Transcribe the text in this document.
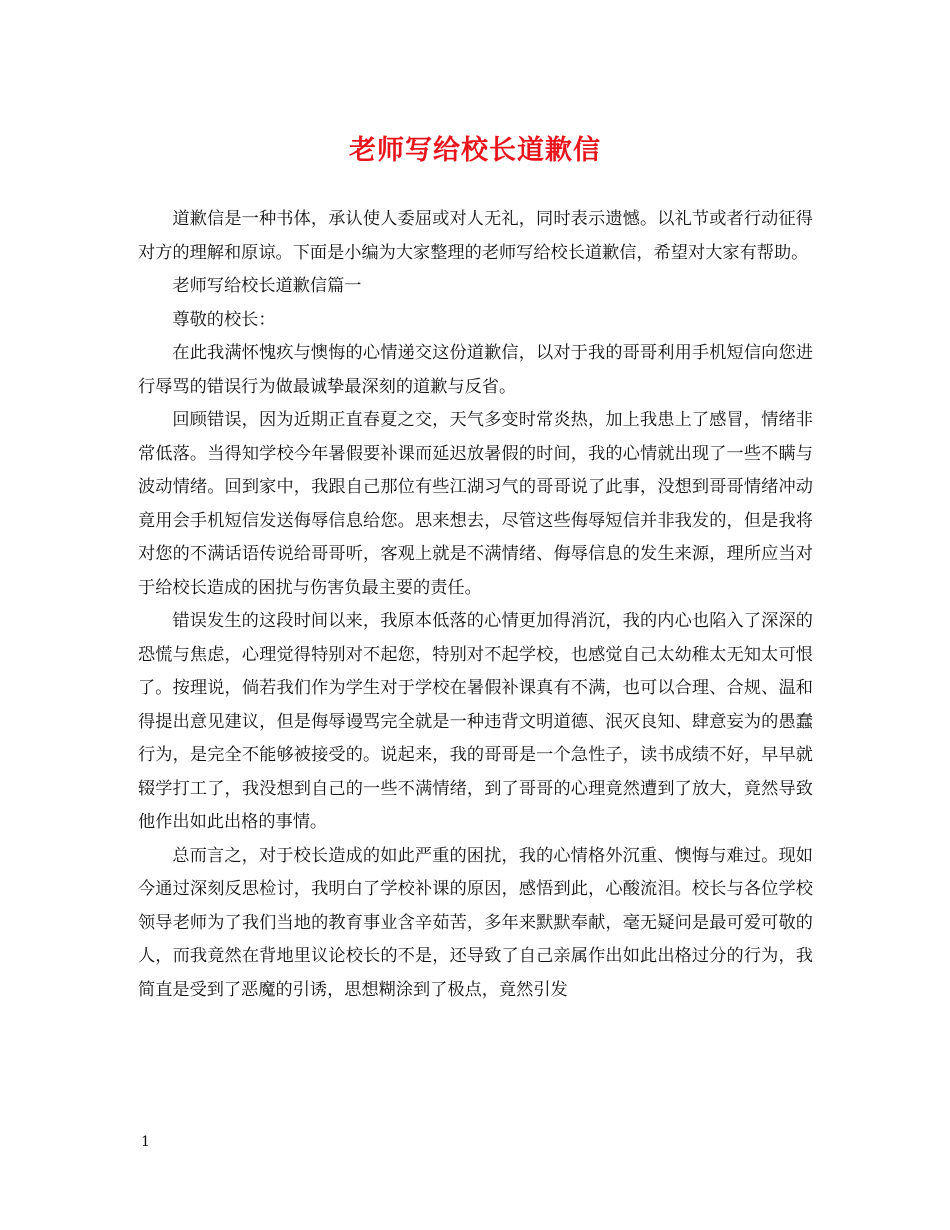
老师写给校长道歉信

道歉信是一种书体，承认使人委屈或对人无礼，同时表示遗憾。以礼节或者行动征得对方的理解和原谅。下面是小编为大家整理的老师写给校长道歉信，希望对大家有帮助。

老师写给校长道歉信篇一

尊敬的校长：

在此我满怀愧疚与懊悔的心情递交这份道歉信，以对于我的哥哥利用手机短信向您进行辱骂的错误行为做最诚挚最深刻的道歉与反省。

回顾错误，因为近期正直春夏之交，天气多变时常炎热，加上我患上了感冒，情绪非常低落。当得知学校今年暑假要补课而延迟放暑假的时间，我的心情就出现了一些不瞒与波动情绪。回到家中，我跟自己那位有些江湖习气的哥哥说了此事，没想到哥哥情绪冲动竟用会手机短信发送侮辱信息给您。思来想去，尽管这些侮辱短信并非我发的，但是我将对您的不满话语传说给哥哥听，客观上就是不满情绪、侮辱信息的发生来源，理所应当对于给校长造成的困扰与伤害负最主要的责任。

错误发生的这段时间以来，我原本低落的心情更加得消沉，我的内心也陷入了深深的恐慌与焦虑，心理觉得特别对不起您，特别对不起学校，也感觉自己太幼稚太无知太可恨了。按理说，倘若我们作为学生对于学校在暑假补课真有不满，也可以合理、合规、温和得提出意见建议，但是侮辱谩骂完全就是一种违背文明道德、泯灭良知、肆意妄为的愚蠢行为，是完全不能够被接受的。说起来，我的哥哥是一个急性子，读书成绩不好，早早就辍学打工了，我没想到自己的一些不满情绪，到了哥哥的心理竟然遭到了放大，竟然导致他作出如此出格的事情。

总而言之，对于校长造成的如此严重的困扰，我的心情格外沉重、懊悔与难过。现如今通过深刻反思检讨，我明白了学校补课的原因，感悟到此，心酸流泪。校长与各位学校领导老师为了我们当地的教育事业含辛茹苦，多年来默默奉献，毫无疑问是最可爱可敬的人，而我竟然在背地里议论校长的不是，还导致了自己亲属作出如此出格过分的行为，我简直是受到了恶魔的引诱，思想糊涂到了极点，竟然引发

1
